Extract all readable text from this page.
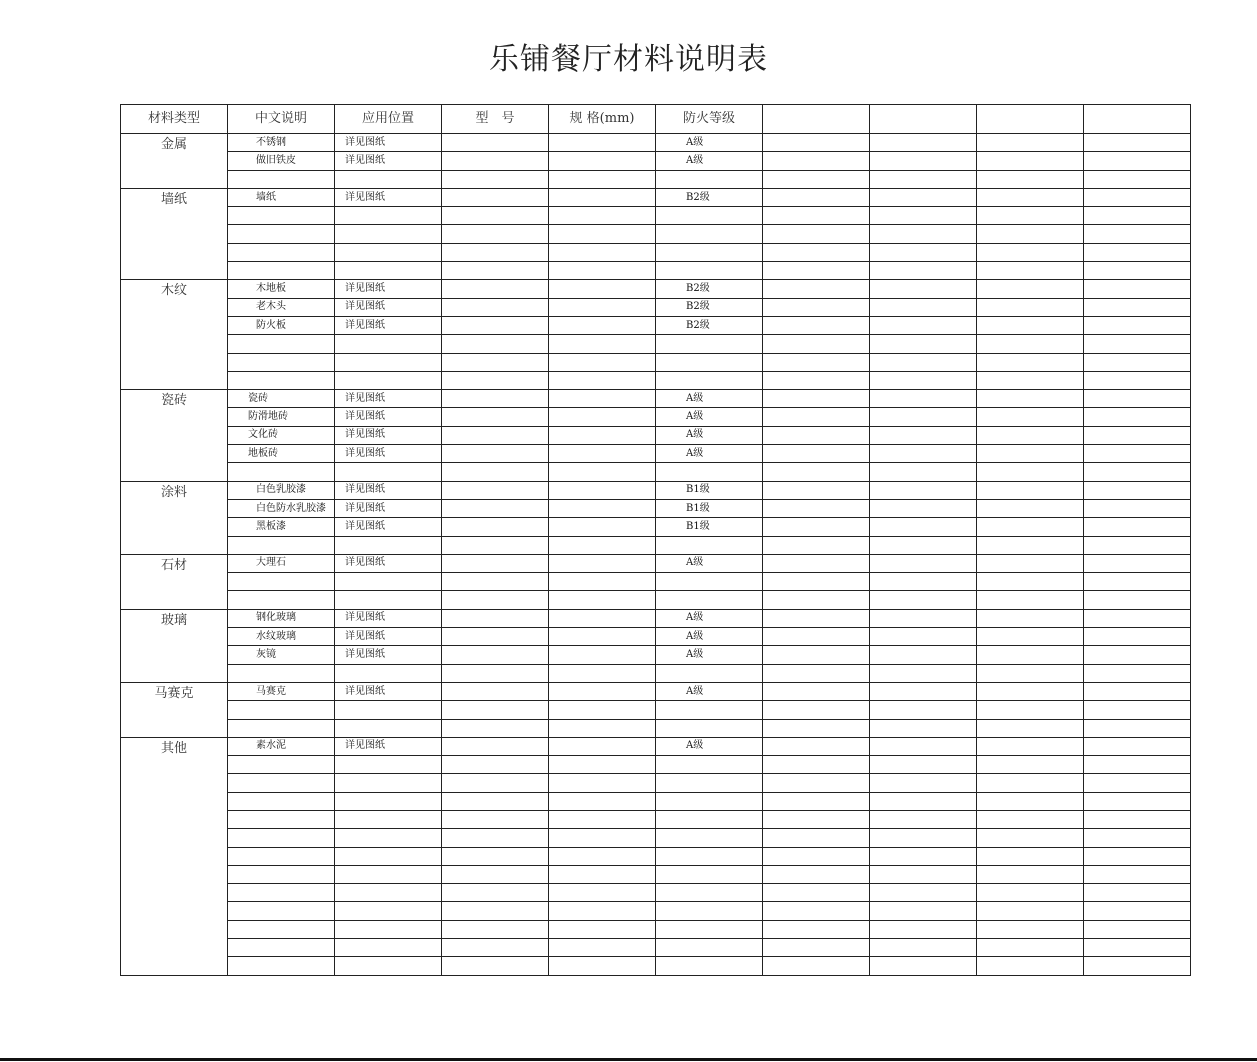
乐铺餐厅材料说明表
材料类型	中文说明	应用位置	型　号	规 格(mm)	防火等级				
金属	不锈钢	详见图纸			A级				
	做旧铁皮	详见图纸			A级				

墙纸	墙纸	详见图纸			B2级				

木纹	木地板	详见图纸			B2级				
	老木头	详见图纸			B2级				
	防火板	详见图纸			B2级				

瓷砖	瓷砖	详见图纸			A级				
	防滑地砖	详见图纸			A级				
	文化砖	详见图纸			A级				
	地板砖	详见图纸			A级				

涂料	白色乳胶漆	详见图纸			B1级				
	白色防水乳胶漆	详见图纸			B1级				
	黑板漆	详见图纸			B1级				

石材	大理石	详见图纸			A级				

玻璃	钢化玻璃	详见图纸			A级				
	水纹玻璃	详见图纸			A级				
	灰镜	详见图纸			A级				

马赛克	马赛克	详见图纸			A级				

其他	素水泥	详见图纸			A级				
